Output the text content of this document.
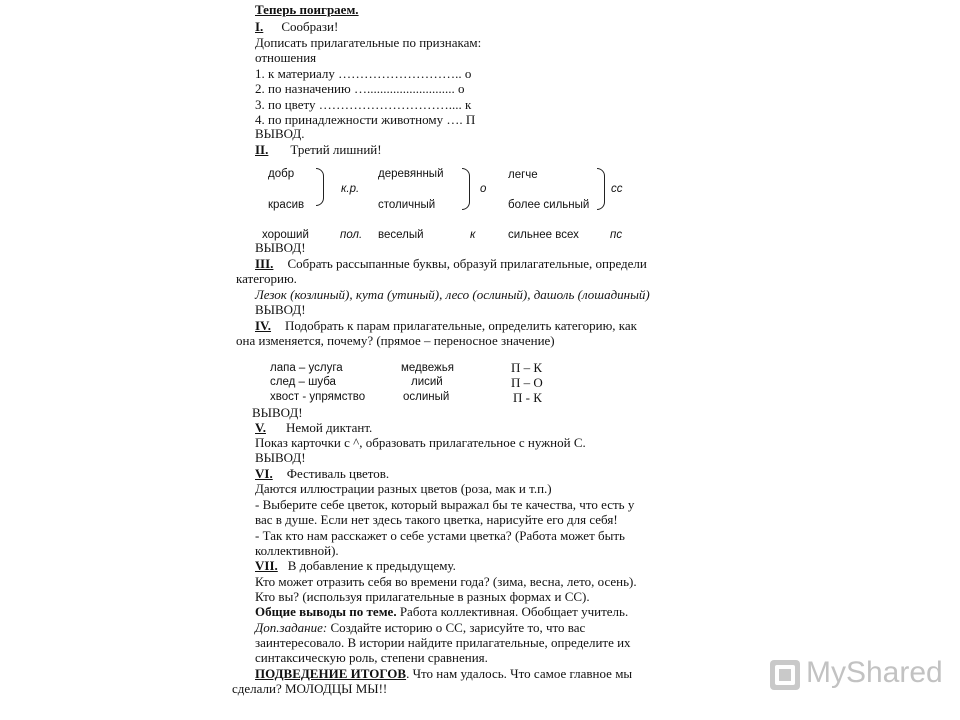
Теперь поиграем.
I. Сообрази!
Дописать прилагательные по признакам:
отношения
1. к материалу ……………………….. о
2. по назначению …........................... о
3. по цвету ………………………….... к
4. по принадлежности животному …. П
ВЫВОД.
II. Третий лишний!
добр
красив
хороший
к.р.
пол.
деревянный
столичный
веселый
о
к
легче
более сильный
сильнее всех
сс
пс
ВЫВОД!
III. Собрать рассыпанные буквы, образуй прилагательные, определи
категорию.
Лезок (козлиный), кута (утиный), лесо (ослиный), дашоль (лошадиный)
ВЫВОД!
IV. Подобрать к парам прилагательные, определить категорию, как
она изменяется, почему? (прямое – переносное значение)
лапа – услуга
след – шуба
хвост - упрямство
медвежья
лисий
ослиный
П – К
П – О
П - К
ВЫВОД!
V. Немой диктант.
Показ карточки с ^, образовать прилагательное с нужной С.
ВЫВОД!
VI. Фестиваль цветов.
Даются иллюстрации разных цветов (роза, мак и т.п.)
- Выберите себе цветок, который выражал бы те качества, что есть у
вас в душе. Если нет здесь такого цветка, нарисуйте его для себя!
- Так кто нам расскажет о себе устами цветка? (Работа может быть
коллективной).
VII. В добавление к предыдущему.
Кто может отразить себя во времени года? (зима, весна, лето, осень).
Кто вы? (используя прилагательные в разных формах и СС).
Общие выводы по теме. Работа коллективная. Обобщает учитель.
Доп.задание: Создайте историю о СС, зарисуйте то, что вас
заинтересовало. В истории найдите прилагательные, определите их
синтаксическую роль, степени сравнения.
ПОДВЕДЕНИЕ ИТОГОВ. Что нам удалось. Что самое главное мы
сделали? МОЛОДЦЫ МЫ!!	MyShared
